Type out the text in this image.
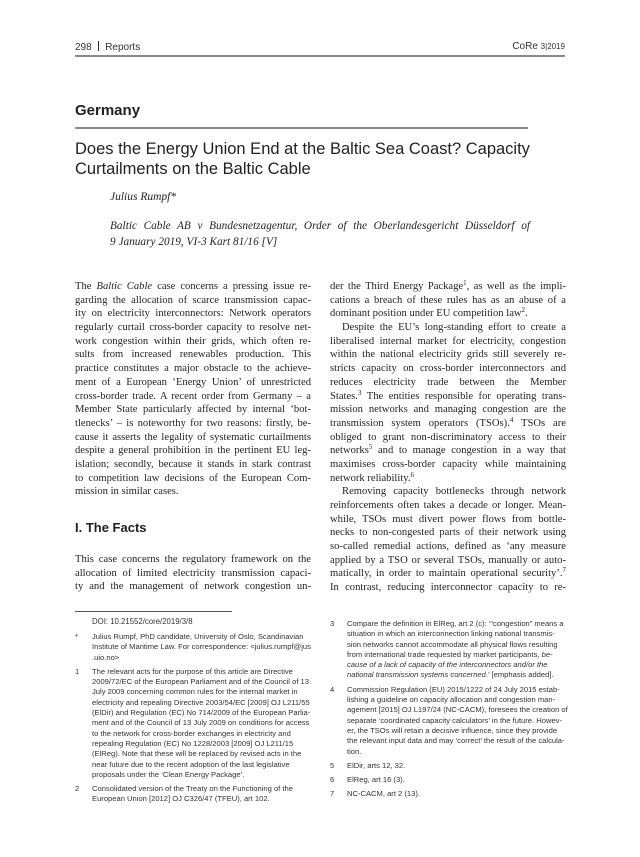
298 Reports	CoRe 3|2019
Germany
Does the Energy Union End at the Baltic Sea Coast? Capacity
Curtailments on the Baltic Cable
Julius Rumpf*
Baltic Cable AB v Bundesnetzagentur, Order of the Oberlandesgericht Düsseldorf of
9 January 2019, VI-3 Kart 81/16 [V]
The Baltic Cable case concerns a pressing issue re-
garding the allocation of scarce transmission capac-
ity on electricity interconnectors: Network operators
regularly curtail cross-border capacity to resolve net-
work congestion within their grids, which often re-
sults from increased renewables production. This
practice constitutes a major obstacle to the achieve-
ment of a European ‘Energy Union’ of unrestricted
cross-border trade. A recent order from Germany – a
Member State particularly affected by internal ‘bot-
tlenecks’ – is noteworthy for two reasons: firstly, be-
cause it asserts the legality of systematic curtailments
despite a general prohibition in the pertinent EU leg-
islation; secondly, because it stands in stark contrast
to competition law decisions of the European Com-
mission in similar cases.
I. The Facts
This case concerns the regulatory framework on the
allocation of limited electricity transmission capaci-
ty and the management of network congestion un-
der the Third Energy Package$^1$, as well as the impli-
cations a breach of these rules has as an abuse of a
dominant position under EU competition law$^2$.
Despite the EU’s long-standing effort to create a
liberalised internal market for electricity, congestion
within the national electricity grids still severely re-
stricts capacity on cross-border interconnectors and
reduces electricity trade between the Member
States.$^3$ The entities responsible for operating trans-
mission networks and managing congestion are the
transmission system operators (TSOs).$^4$ TSOs are
obliged to grant non-discriminatory access to their
networks$^5$ and to manage congestion in a way that
maximises cross-border capacity while maintaining
network reliability.$^6$
Removing capacity bottlenecks through network
reinforcements often takes a decade or longer. Mean-
while, TSOs must divert power flows from bottle-
necks to non-congested parts of their network using
so-called remedial actions, defined as ‘any measure
applied by a TSO or several TSOs, manually or auto-
matically, in order to maintain operational security’.$^7$
In contrast, reducing interconnector capacity to re-
DOI: 10.21552/core/2019/3/8
*	Julius Rumpf, PhD candidate, University of Oslo, Scandinavian
Institute of Maritime Law. For correspondence: <julius.rumpf@jus
.uio.no>
1	The relevant acts for the purpose of this article are Directive
2009/72/EC of the European Parliament and of the Council of 13
July 2009 concerning common rules for the internal market in
electricity and repealing Directive 2003/54/EC [2009] OJ L211/55
(ElDir) and Regulation (EC) No 714/2009 of the European Parlia-
ment and of the Council of 13 July 2009 on conditions for access
to the network for cross-border exchanges in electricity and
repealing Regulation (EC) No 1228/2003 [2009] OJ L211/15
(ElReg). Note that these will be replaced by revised acts in the
near future due to the recent adoption of the last legislative
proposals under the ‘Clean Energy Package’.
2	Consolidated version of the Treaty on the Functioning of the
European Union [2012] OJ C326/47 (TFEU), art 102.
3	Compare the definition in ElReg, art 2 (c): ‘“congestion” means a
situation in which an interconnection linking national transmis-
sion networks cannot accommodate all physical flows resulting
from international trade requested by market participants, be-
cause of a lack of capacity of the interconnectors and/or the
national transmission systems concerned.’ [emphasis added].
4	Commission Regulation (EU) 2015/1222 of 24 July 2015 estab-
lishing a guideline on capacity allocation and congestion man-
agement [2015] OJ L197/24 (NC-CACM), foresees the creation of
separate ‘coordinated capacity calculators’ in the future. Howev-
er, the TSOs will retain a decisive influence, since they provide
the relevant input data and may ‘correct’ the result of the calcula-
tion.
5	ElDir, arts 12, 32.
6	ElReg, art 16 (3).
7	NC-CACM, art 2 (13).
